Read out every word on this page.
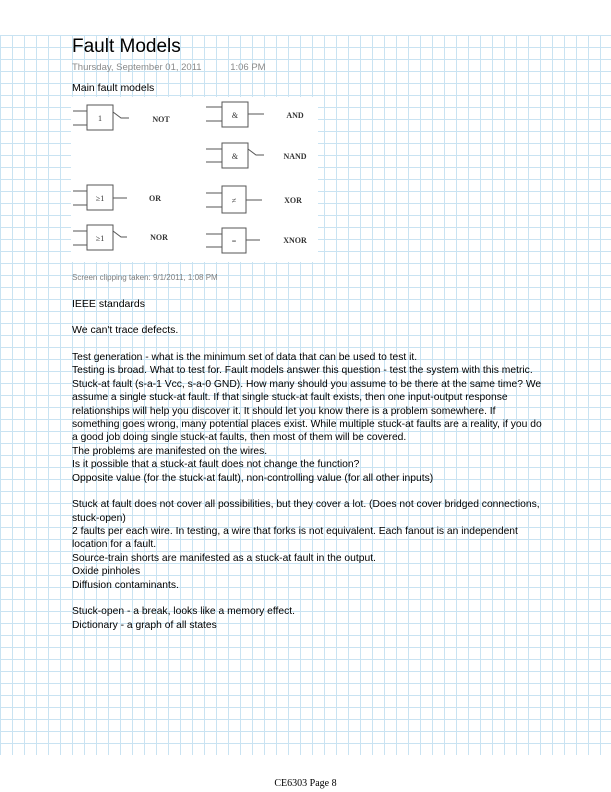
Fault Models
Thursday, September 01, 2011	1:06 PM
Main fault models
1	NOT	&	AND
&	NAND
≥1	OR	≠	XOR
≥1	NOR	=	XNOR
Screen clipping taken: 9/1/2011, 1:08 PM
IEEE standards
We can't trace defects.
Test generation - what is the minimum set of data that can be used to test it.
Testing is broad. What to test for. Fault models answer this question - test the system with this metric.
Stuck-at fault (s-a-1 Vcc, s-a-0 GND). How many should you assume to be there at the same time? We
assume a single stuck-at fault. If that single stuck-at fault exists, then one input-output response
relationships will help you discover it. It should let you know there is a problem somewhere. If
something goes wrong, many potential places exist. While multiple stuck-at faults are a reality, if you do
a good job doing single stuck-at faults, then most of them will be covered.
The problems are manifested on the wires.
Is it possible that a stuck-at fault does not change the function?
Opposite value (for the stuck-at fault), non-controlling value (for all other inputs)
Stuck at fault does not cover all possibilities, but they cover a lot. (Does not cover bridged connections,
stuck-open)
2 faults per each wire. In testing, a wire that forks is not equivalent. Each fanout is an independent
location for a fault.
Source-train shorts are manifested as a stuck-at fault in the output.
Oxide pinholes
Diffusion contaminants.
Stuck-open - a break, looks like a memory effect.
Dictionary - a graph of all states
CE6303 Page 8
